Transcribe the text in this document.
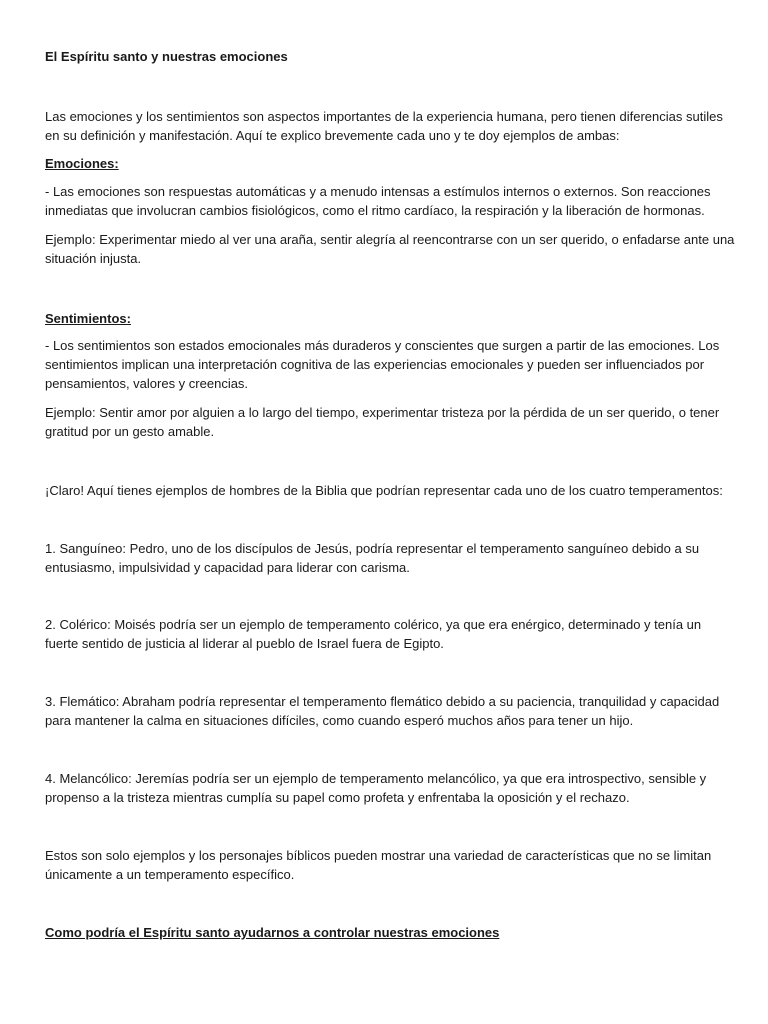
El Espíritu santo y nuestras emociones

Las emociones y los sentimientos son aspectos importantes de la experiencia humana, pero tienen diferencias sutiles en su definición y manifestación. Aquí te explico brevemente cada uno y te doy ejemplos de ambas:

Emociones:

- Las emociones son respuestas automáticas y a menudo intensas a estímulos internos o externos. Son reacciones inmediatas que involucran cambios fisiológicos, como el ritmo cardíaco, la respiración y la liberación de hormonas.

Ejemplo: Experimentar miedo al ver una araña, sentir alegría al reencontrarse con un ser querido, o enfadarse ante una situación injusta.

Sentimientos:

- Los sentimientos son estados emocionales más duraderos y conscientes que surgen a partir de las emociones. Los sentimientos implican una interpretación cognitiva de las experiencias emocionales y pueden ser influenciados por pensamientos, valores y creencias.

Ejemplo: Sentir amor por alguien a lo largo del tiempo, experimentar tristeza por la pérdida de un ser querido, o tener gratitud por un gesto amable.

¡Claro! Aquí tienes ejemplos de hombres de la Biblia que podrían representar cada uno de los cuatro temperamentos:

1. Sanguíneo: Pedro, uno de los discípulos de Jesús, podría representar el temperamento sanguíneo debido a su entusiasmo, impulsividad y capacidad para liderar con carisma.

2. Colérico: Moisés podría ser un ejemplo de temperamento colérico, ya que era enérgico, determinado y tenía un fuerte sentido de justicia al liderar al pueblo de Israel fuera de Egipto.

3. Flemático: Abraham podría representar el temperamento flemático debido a su paciencia, tranquilidad y capacidad para mantener la calma en situaciones difíciles, como cuando esperó muchos años para tener un hijo.

4. Melancólico: Jeremías podría ser un ejemplo de temperamento melancólico, ya que era introspectivo, sensible y propenso a la tristeza mientras cumplía su papel como profeta y enfrentaba la oposición y el rechazo.

Estos son solo ejemplos y los personajes bíblicos pueden mostrar una variedad de características que no se limitan únicamente a un temperamento específico.

Como podría el Espíritu santo ayudarnos a controlar nuestras emociones
